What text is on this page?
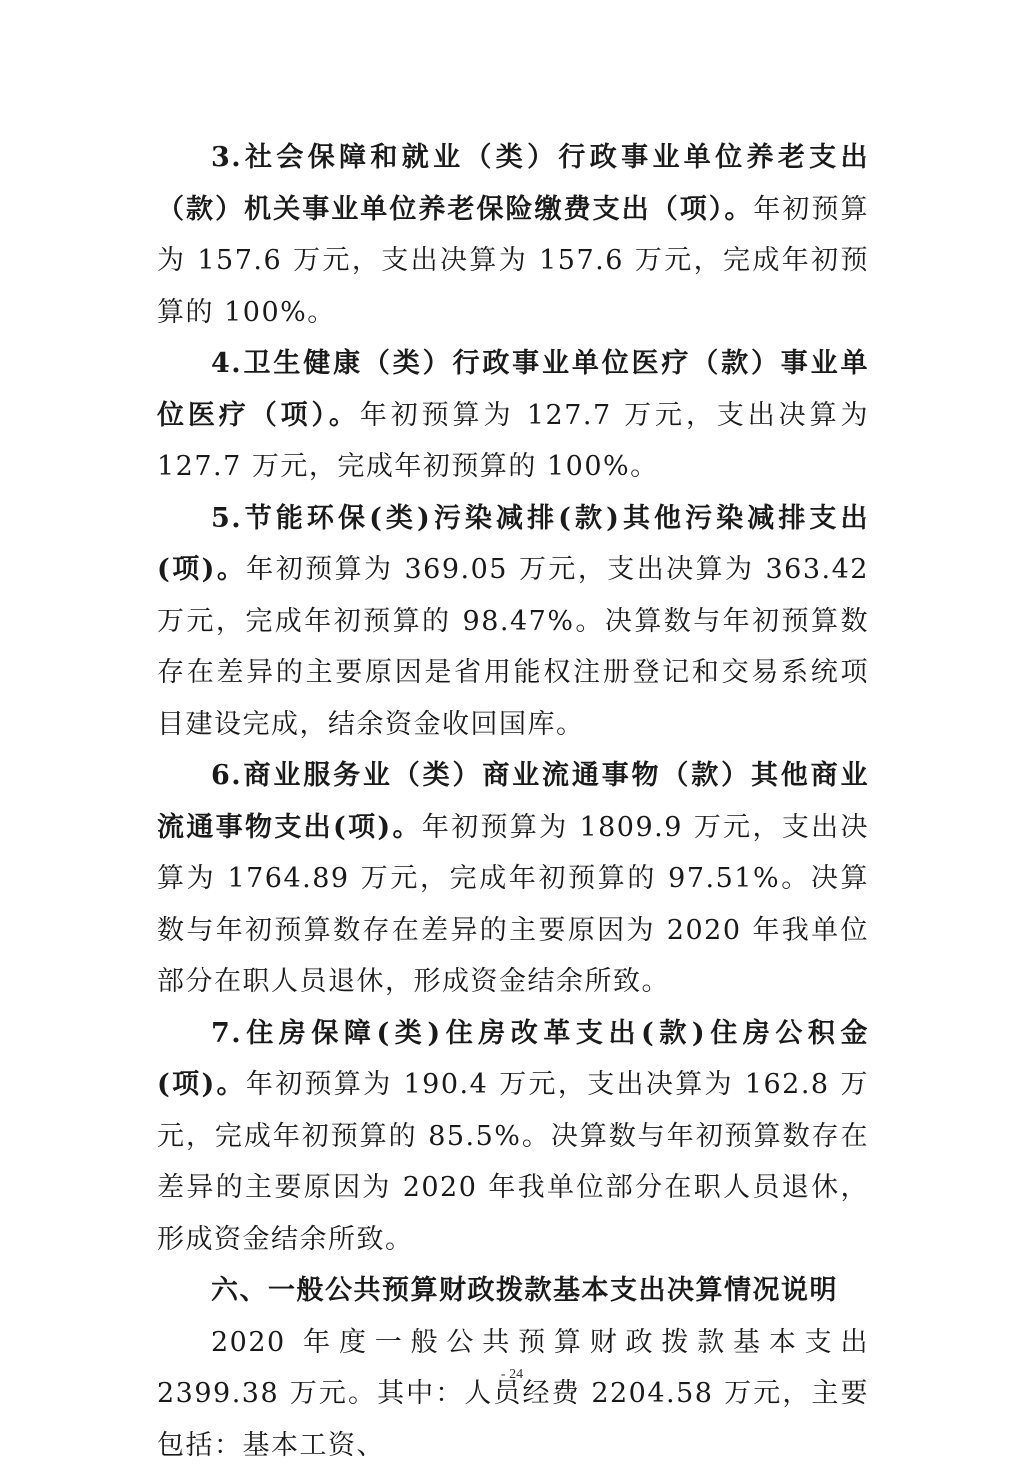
3.社会保障和就业（类）行政事业单位养老支出（款）机关事业单位养老保险缴费支出（项）。年初预算为 157.6 万元，支出决算为 157.6 万元，完成年初预算的 100%。

4.卫生健康（类）行政事业单位医疗（款）事业单位医疗（项）。年初预算为 127.7 万元，支出决算为 127.7 万元，完成年初预算的 100%。

5.节能环保(类)污染减排(款)其他污染减排支出(项)。年初预算为 369.05 万元，支出决算为 363.42 万元，完成年初预算的 98.47%。决算数与年初预算数存在差异的主要原因是省用能权注册登记和交易系统项目建设完成，结余资金收回国库。

6.商业服务业（类）商业流通事物（款）其他商业流通事物支出(项)。年初预算为 1809.9 万元，支出决算为 1764.89 万元，完成年初预算的 97.51%。决算数与年初预算数存在差异的主要原因为 2020 年我单位部分在职人员退休，形成资金结余所致。

7.住房保障(类)住房改革支出(款)住房公积金(项)。年初预算为 190.4 万元，支出决算为 162.8 万元，完成年初预算的 85.5%。决算数与年初预算数存在差异的主要原因为 2020 年我单位部分在职人员退休，形成资金结余所致。

六、一般公共预算财政拨款基本支出决算情况说明

2020 年度一般公共预算财政拨款基本支出 2399.38 万元。其中：人员经费 2204.58 万元，主要包括：基本工资、

- 24
